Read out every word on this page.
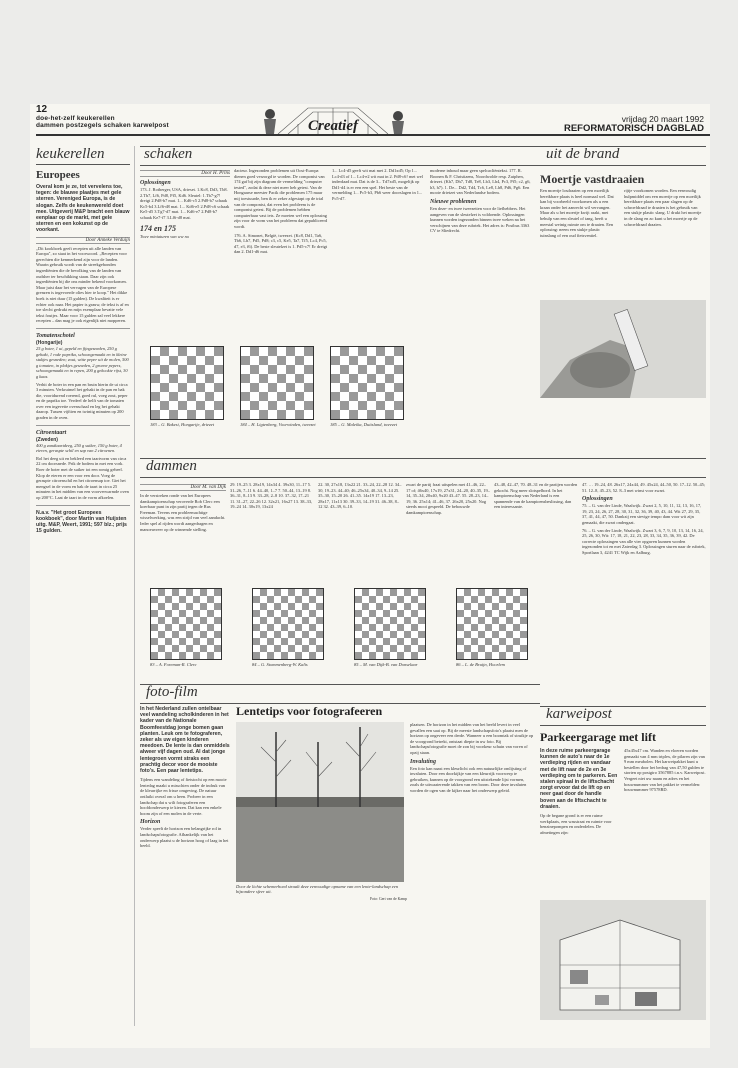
12
doe-het-zelf keukerellen
dammen postzegels schaken karwelpost
vrijdag 20 maart 1992
REFORMATORISCH DAGBLAD
Creatief
keukerellen
Europees
Overal kom je ze, tot vervelens toe, tegen: de blauwe plaatjes met gele sterren. Vereniged Europa, is de slogan. Zelfs de keukenwereld doet mee. Uitgeverij M&P bracht een blauw eenplaar op de markt, met gele sterren en een kokunst op de voorkant.
Door Anneke Verduijn
„Dit kookboek geeft recepten uit alle landen van Europa", zo staat in het voorwoord. „Recepten voor gerechten die kenmerkend zijn voor de landen. Waarin gebruik wordt van de streekgebonden ingrediënten die de bevolking van de landen van oudsher ter beschikking staan. Daar zijn ook ingrediënten bij die ons minder bekend voorkomen. Maar juist daar het vervagen van de Europese grenzen is ingevoerde olies hier te koop." Het dikke boek is niet duur (15 gulden). De kwaliteit is er echter ook naar. Het papier is grauw, de tekst is af en toe slecht gedrukt en mijn exemplaar bevatte vele tekst foutjes. Maar voor 15 gulden zal veel lekkere recepten – dan mag je ook eigenlijk niet mopperen.
Tomatenschotel
(Hongarije)
25 g boter, 1 ui, gepeld en fijngesneden, 250 g gehakt, 1 rode paprika, schoongemaakt en in kleine stukjes gesneden; zout, witte peper uit de molen, 500 g tomaten, in plakjes gesneden, 2 groene pepers, schoongemaakt en in repen, 200 g gekookte rijst, 30 g kaas.
Verhit de boter in een pan en bruin hierin de ui circa 3 minuten. Verkruimel het gehakt in de pan en bak die, voortdurend roerend, goed rul, voeg zout, peper en de paprika toe. Verdeel de helft van de tomaten over een ingevette ovenschaal en leg het gehakt daarop. Tussen vijftien en twintig minuten op 200 graden in de oven.
Citroentaart
(Zweden)
400 g zandtaartdeeg, 250 g suiker, 150 g boter, 4 eieren, geraspte schil en sap van 2 citroenen.
Rol het deeg uit en bekleed een taartvorm van circa 22 cm doorsnede. Prik de bodem in met een vork. Roer de boter met de suiker tot een romig geheel. Klop de eieren er een voor een door. Voeg de geraspte citroenschil en het citroensap toe. Giet het mengsel in de vorm en bak de taart in circa 25 minuten in het midden van een voorverwarmde oven op 200°C. Laat de taart in de vorm afkoelen.
N.a.v. "Het groot Europees kookboek", door Martin van Huijsten uitg. M&P, Weert, 1991; 597 blz.; prijs 15 gulden.
schaken
Door H. Prins
Oplossingen
173. J. Rotberger, USA, drieset. 1.Kc8, Dd3, Tb8. 2.Tb7, Lf6, Pd8, Pf5, Kd6. Sleutel: 1.Tb7-g7! dreigt 2.Pd8-b7 mat. 1... Kd6-c5 2.Pd8-b7 schaak Kc5-b4 3.Lf6-d8 mat. 1... Kd6-e5 2.Pd8-c6 schaak Ke5-d5 3.Tg7-d7 mat. 1... Kd6-e7 2.Pd8-b7 schaak Ke7-f7 3.Lf6-d8 mat.
174 en 175
Twee miniaturen van ww no
dacteur. Ingezonden problemen uit Oost-Europa dienen goed verzorgd te worden. De componist van 174 gaf bij zijn diagram de vermelding "computer tested", zodat ik deze niet meer heb getest. Van de Hongaarse meester Pacik die problemen 175 maar mij toestuurde, ben ik er zeker afgestapt op de trial van de componist, dat even het probleem is de componist getest. Bij de problemen hebben computerbaar vast iets. Ze moeten wel een oplossing zijn voor de vorm van het probleem dat gepubliceerd wordt.
176. A. Simonet, België, tweezet. (Kc8, Dd1, Ta6, Tb6, Lb7, Pd5, Pd8; c3, c5, Ke5, Ta7, Tf5, Lc4, Pc5, d7, e3, f6). De beste sleutelzet is 1. Pd5-c7! Er dreigt dan 2. Dd1-d6 mat.
1... Lc4-d5 geeft wit mat met 2. Dd1xd5; Op 1... Lc4-d3 of 1... Lc4-e2 wit mat in 2. Pd8-c6! met wel inderdaad mat. Dat is de 3... Td7xd5, mogelijk op Dd1-d4 is er een een spel. Het beste van de vermelding 1... Pc5-b3, Pb6 weer doorslagen in 1... Pc5-d7.
moderne inhoud maar geen spelcacliëntekst. 177. R. Boonen & F. Christiaens, Noordwolde resp. Zutphen, driezet. (Kh7, Dh7, Td8, Te8, Lb3, Lh4, Pc3, Pf5; c2, g6, h3, h7). 1. De... Dd2, Td4, Tc6, Le8, Lh8, Pd6, Pg6. Een mooie drietzet van Nederlandse bodem.
Nieuwe problemen
Een deze- en twee tweezetten voor de liefhebbers. Het aangeven van de sleutelzet is voldoende. Oplossingen kunnen worden ingezonden binnen twee weken na het verschijnen van deze rubriek. Het adres is: Postbus 3363 CV te Sliedrecht.
183 – G. Bakesi, Hongarije, driezet	184 – H. Ligtenberg, Voorwinden, tweezet	185 – G. Maleika, Duitsland, tweezet
uit de brand
Moertje vastdraaien
Een moertje losdraaien op een moeilijk bereikbare plaats is heel normaal wel. Dat kan bij voorbeeld voorkomen als u een kraan onder het aanrecht wil vervangen. Maar als u het moertje kwijt raakt, met behulp van een sleutel of tang, heeft u meestal weinig ruimte om te draaien. Een oplossing: neem een stukje plastic tuinslang of een oud fietsventiel.
rijtje voorkomen worden. Een eenvoudig hulpmiddel om een moertje op een moeilijk bereikbare plaats een paar slagen op de schroefdraad te draaien is het gebruik van een stukje plastic slang. U drukt het moertje in de slang en zo kunt u het moertje op de schroefdraad draaien.
dammen
Door M. van Dijk
In de verstreken ronde van het Europees damkampioenschap veroverde Rob Clerc een koerbaar punt in zijn partij tegen de Rus Freeman. Tevens een probleemachtige wisselwerking, was een strijd van veel aandacht. Ieder spel al rijden wordt aangedragen en manoeuvreer op de winnende stelling.
29. 19–25 3. 28x19, 14x34 4. 39x30, 11–17 5. 31–26, 7–11 6. 44–40, 1–7 7. 50–44, 13–19 8. 36–31, 8–13 9. 33–28, 2–8 10. 37–32, 17–21 11. 31–27, 22–26 12. 32x21, 16x27 13. 38–33, 19–24 14. 30x19, 13x24
22. 30, 27x18, 13x22 21. 33–24, 22–28 12. 34–30, 19–23. 44–40; 46–25x34, 40–34, 9–14 25. 35–30, 15–20 26. 41–35. 14x19 17. 13–23, 28x17, 11x13 30. 39–33, 14–19 31. 46–38, 8–12 32. 43–39, 6–10.
zwart de partij fraai uitspelen met 41–46, 22–17 of; 46x40, 17x19, 27x31, 24–20, 40–35, 19–14, 35–34, 20x40, 9x20 43–47. 55. 28–23, 14–19, 36. 25x14; 41–46, 37. 26x20, 25x20. Nog steeds mooi gespeeld. De bebouwde damkampioenschap.
43–48, 42–47, 70. 48–31 en de partijen worden gekocht. Nog meer slotspelbord. In het kampioenschap van Nederland is een spannende van de kampioensbeslissing, dan een interessante.
47. … 19–24, 48. 26x17, 24x44, 49. 45x24, 44–50, 50. 17–12. 50–45; 51. 12–8, 45–23, 52. 8–3 met winst voor zwart.
Oplossingen
75. – G. van der Linde, Waalwijk. Zwart 2, 5, 10, 11, 12, 13, 16, 17, 19, 23, 24, 26, 27, 28, 30, 31, 32, 36, 39, 40, 43, 44. Wit 27, 29, 35, 37, 41, 44, 47, 50. Dankzij een stevige tempo dam voor wit zijn gemaakt, die zwart ondergaat.
76. – G. van der Linde, Waalwijk. Zwart 3, 6, 7, 9, 10, 13, 14, 16, 24, 25, 26, 30, Wit: 17, 18, 21, 22, 23, 28, 33, 34, 35, 36, 39, 42. De correcte oplossingen van alle vier opgaven kunnen worden ingezonden tot en met Zaterdag 3. Oplossingen sturen naar de rubriek, Sportlaan 3, 4241 TC Wijk en Aalburg.
83 – A. Foreman-R. Clerc	84 – G. Stommenberg-W. Kalis	85 – M. van Dijk-B. van Donselaar	86 – L. de Bruijn, Hoorlem
foto-film
In het Nederland zullen ontelbaar veel wandeling scholkinderen in het kader van de Nationale Boomfeestdag jonge bomen gaan planten. Leuk om te fotograferen, zeker als uw eigen kinderen meedoen. De lente is dan onmiddels alweer vijf dagen oud. Al dat jonge lentegroen vormt straks een prachtig decor voor de mooiste foto's. Een paar lentetips.
Tijdens een wandeling of fietstocht op een mooie lentedag maakt u misschien onder de indruk van de kleurrijke en frisse omgeving. De natuur ontluikt overal om u heen. Probeer in een landschap dat u wilt fotograferen een hoofdonderwerp te kiezen. Dat kan een enkele boom zijn of een molen in de verte.
Horizon
Verder speelt de horizon een belangrijke rol in landschapsfotografie. Afhankelijk van het onderwerp plaatst u de horizon hoog of laag in het beeld.
Lentetips voor fotografeeren
Door de lichte schemerhoed straalt deze eenvoudige opname van een lente-landschap een bijzondere sfeer uit.
Foto: Gert van de Kamp
plaatsen. De horizon in het midden van het beeld levert in veel gevallen een saai op. Bij de meeste landschapsfoto's plaatst men de horizon op ongeveer een derde. Wanneer u een boomtak of struikje op de voorgrond betrekt, ontstaat diepte in uw foto. Bij landschapsfotografie moet de zon bij voorkeur schuin van voren of opzij staan.
Invaluting
Een foto kan naast een kleurlicht ook een natuurlijke omlijsting of invaluten. Door een doorkijkje van een kleurrijk voorwerp te gebruiken, kunnen op de voorgrond een uitstekende lijst vormen, zoals de uitwaaierende takken van een boom. Door deze invaluten worden de ogen van de kijker naar het onderwerp geleid.
karweipost
Parkeergarage met lift
In deze ruime parkeergarage kunnen de auto's naar de 1e verdieping rijden en vandaar met de lift naar de 2e en 3e verdieping om te parkeren. Een stalen spiraal in de liftschacht zorgt ervoor dat de lift op en neer gaat door de handle boven aan de liftschacht te draaien.
Op de begane grond is er een ruime werkplaats, een wasstraat en ruimte voor benzinepompen en onderdelen. De afmetingen zijn:
45x45x47 cm. Wanden en vloeren worden gemaakt van 4 mm triplex, de pilaren zijn van 9 mm meubolen. Het karweipakket kunt u bestellen door het bedrag van 47,50 gulden te storten op postgiro 3567885 t.n.v. Karweipost. Vergeet niet uw naam en adres en het bouwnummer van het pakket te vermelden: bouwnummer 97578RD.
